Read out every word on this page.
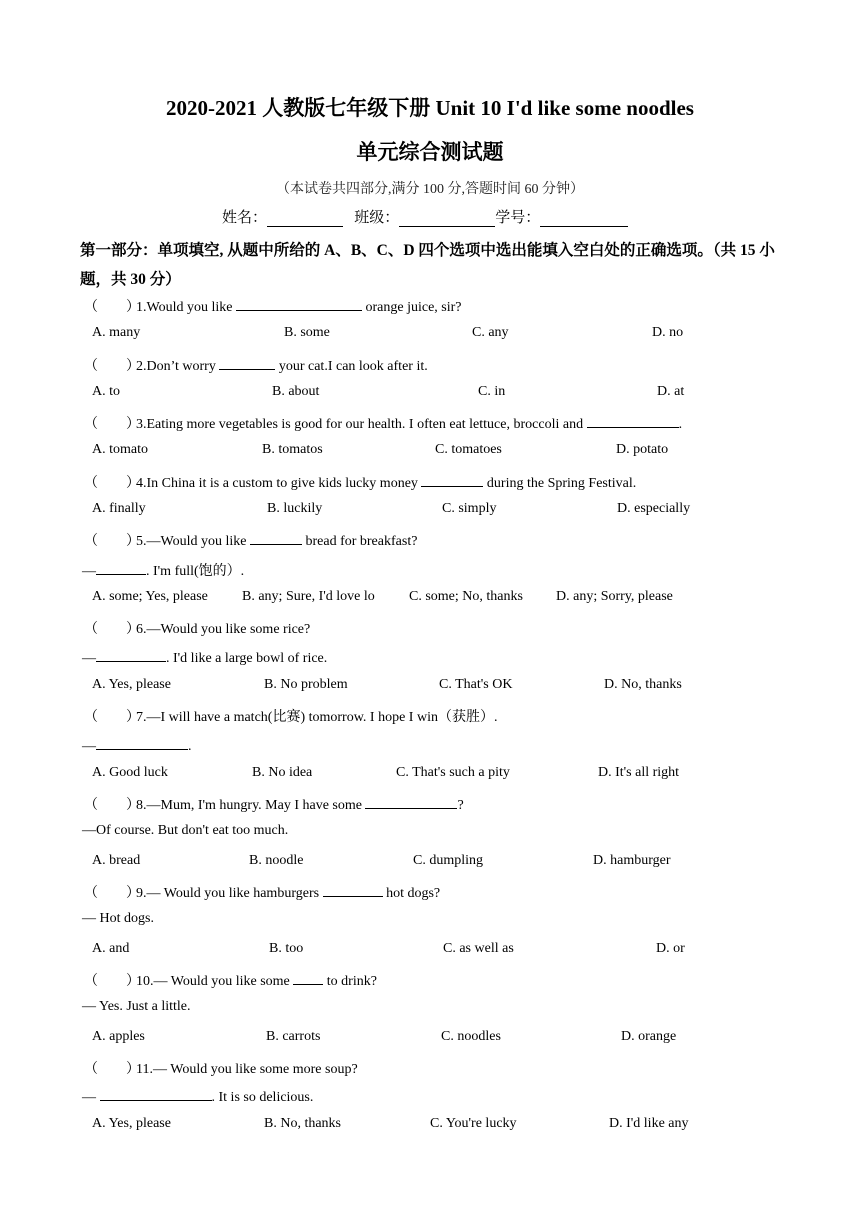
2020-2021 人教版七年级下册 Unit 10 I'd like some noodles
单元综合测试题
（本试卷共四部分,满分 100 分,答题时间 60 分钟）
姓名：	班级：	学号：
第一部分：单项填空, 从题中所给的 A、B、C、D 四个选项中选出能填入空白处的正确选项。（共 15 小题，共 30 分）
（　　）1.Would you like	orange juice, sir?
A. many	B. some	C. any	D. no
（　　）2.Don’t worry	your cat.I can look after it.
A. to	B. about	C. in	D. at
（　　）3.Eating more vegetables is good for our health. I often eat lettuce, broccoli and	.
A. tomato	B. tomatos	C. tomatoes	D. potato
（　　）4.In China it is a custom to give kids lucky money	during the Spring Festival.
A. finally	B. luckily	C. simply	D. especially
（　　）5.—Would you like	bread for breakfast?
—	. I'm full(饱的）.
A. some; Yes, please B. any; Sure, I'd love lo C. some; No, thanks D. any; Sorry, please
（　　）6.—Would you like some rice?
—	. I'd like a large bowl of rice.
A. Yes, please	B. No problem	C. That's OK	D. No, thanks
（　　）7.—I will have a match(比赛) tomorrow. I hope I win（获胜）.
—	.
A. Good luck	B. No idea	C. That's such a pity	D. It's all right
（　　）8.—Mum, I'm hungry. May I have some	?
—Of course. But don't eat too much.
A. bread	B. noodle	C. dumpling	D. hamburger
（　　）9.— Would you like hamburgers	hot dogs?
— Hot dogs.
A. and	B. too	C. as well as	D. or
（　　）10.— Would you like some  to drink?
— Yes. Just a little.
A. apples	B. carrots	C. noodles	D. orange
（　　）11.— Would you like some more soup?
—	. It is so delicious.
A. Yes, please	B. No, thanks	C. You're lucky	D. I'd like any
